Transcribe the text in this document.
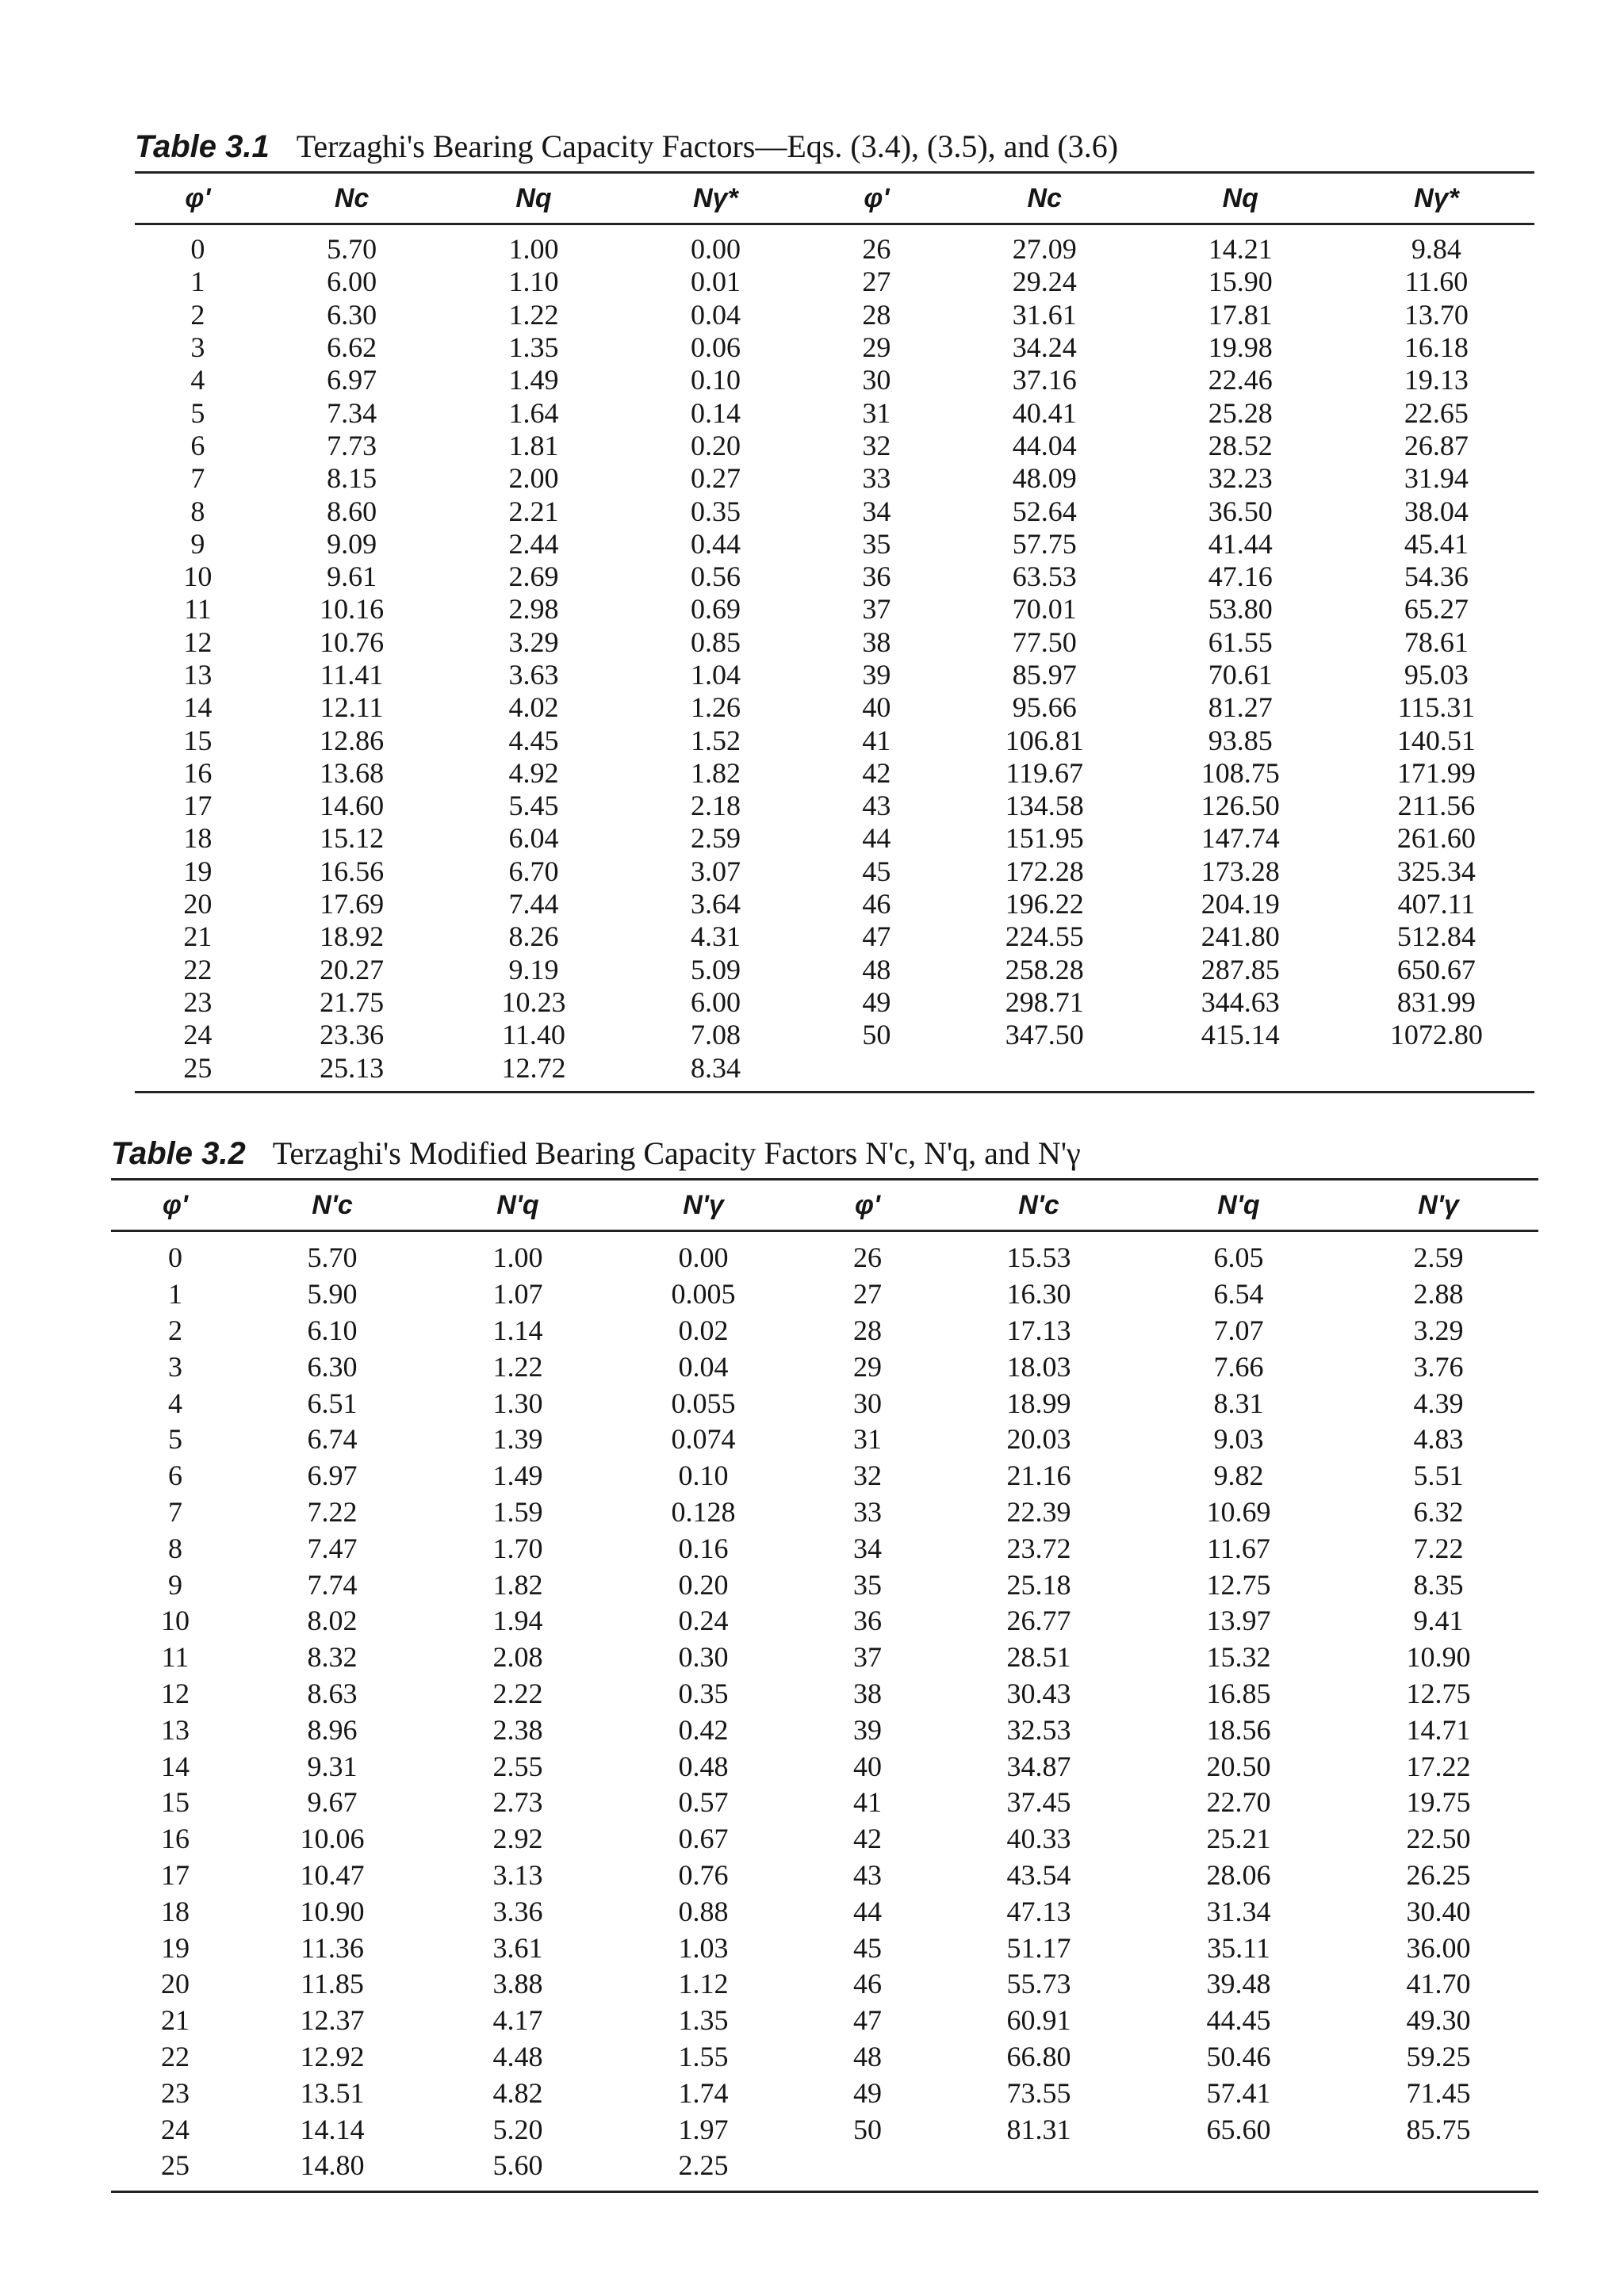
Table 3.1 Terzaghi's Bearing Capacity Factors—Eqs. (3.4), (3.5), and (3.6)
φ'	Nc	Nq	Nγ*	φ'	Nc	Nq	Nγ*
0	5.70	1.00	0.00	26	27.09	14.21	9.84
1	6.00	1.10	0.01	27	29.24	15.90	11.60
2	6.30	1.22	0.04	28	31.61	17.81	13.70
3	6.62	1.35	0.06	29	34.24	19.98	16.18
4	6.97	1.49	0.10	30	37.16	22.46	19.13
5	7.34	1.64	0.14	31	40.41	25.28	22.65
6	7.73	1.81	0.20	32	44.04	28.52	26.87
7	8.15	2.00	0.27	33	48.09	32.23	31.94
8	8.60	2.21	0.35	34	52.64	36.50	38.04
9	9.09	2.44	0.44	35	57.75	41.44	45.41
10	9.61	2.69	0.56	36	63.53	47.16	54.36
11	10.16	2.98	0.69	37	70.01	53.80	65.27
12	10.76	3.29	0.85	38	77.50	61.55	78.61
13	11.41	3.63	1.04	39	85.97	70.61	95.03
14	12.11	4.02	1.26	40	95.66	81.27	115.31
15	12.86	4.45	1.52	41	106.81	93.85	140.51
16	13.68	4.92	1.82	42	119.67	108.75	171.99
17	14.60	5.45	2.18	43	134.58	126.50	211.56
18	15.12	6.04	2.59	44	151.95	147.74	261.60
19	16.56	6.70	3.07	45	172.28	173.28	325.34
20	17.69	7.44	3.64	46	196.22	204.19	407.11
21	18.92	8.26	4.31	47	224.55	241.80	512.84
22	20.27	9.19	5.09	48	258.28	287.85	650.67
23	21.75	10.23	6.00	49	298.71	344.63	831.99
24	23.36	11.40	7.08	50	347.50	415.14	1072.80
25	25.13	12.72	8.34				
Table 3.2 Terzaghi's Modified Bearing Capacity Factors N'c, N'q, and N'γ
φ'	N'c	N'q	N'γ	φ'	N'c	N'q	N'γ
0	5.70	1.00	0.00	26	15.53	6.05	2.59
1	5.90	1.07	0.005	27	16.30	6.54	2.88
2	6.10	1.14	0.02	28	17.13	7.07	3.29
3	6.30	1.22	0.04	29	18.03	7.66	3.76
4	6.51	1.30	0.055	30	18.99	8.31	4.39
5	6.74	1.39	0.074	31	20.03	9.03	4.83
6	6.97	1.49	0.10	32	21.16	9.82	5.51
7	7.22	1.59	0.128	33	22.39	10.69	6.32
8	7.47	1.70	0.16	34	23.72	11.67	7.22
9	7.74	1.82	0.20	35	25.18	12.75	8.35
10	8.02	1.94	0.24	36	26.77	13.97	9.41
11	8.32	2.08	0.30	37	28.51	15.32	10.90
12	8.63	2.22	0.35	38	30.43	16.85	12.75
13	8.96	2.38	0.42	39	32.53	18.56	14.71
14	9.31	2.55	0.48	40	34.87	20.50	17.22
15	9.67	2.73	0.57	41	37.45	22.70	19.75
16	10.06	2.92	0.67	42	40.33	25.21	22.50
17	10.47	3.13	0.76	43	43.54	28.06	26.25
18	10.90	3.36	0.88	44	47.13	31.34	30.40
19	11.36	3.61	1.03	45	51.17	35.11	36.00
20	11.85	3.88	1.12	46	55.73	39.48	41.70
21	12.37	4.17	1.35	47	60.91	44.45	49.30
22	12.92	4.48	1.55	48	66.80	50.46	59.25
23	13.51	4.82	1.74	49	73.55	57.41	71.45
24	14.14	5.20	1.97	50	81.31	65.60	85.75
25	14.80	5.60	2.25				
